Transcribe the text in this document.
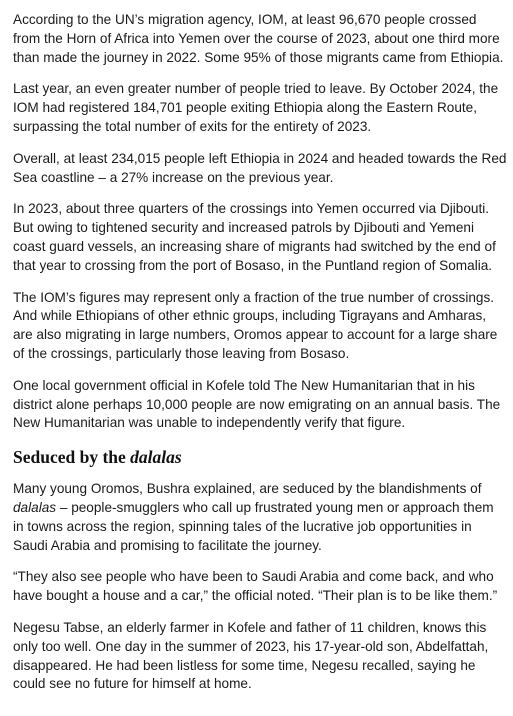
According to the UN’s migration agency, IOM, at least 96,670 people crossed from the Horn of Africa into Yemen over the course of 2023, about one third more than made the journey in 2022. Some 95% of those migrants came from Ethiopia.

Last year, an even greater number of people tried to leave. By October 2024, the IOM had registered 184,701 people exiting Ethiopia along the Eastern Route, surpassing the total number of exits for the entirety of 2023.

Overall, at least 234,015 people left Ethiopia in 2024 and headed towards the Red Sea coastline – a 27% increase on the previous year.

In 2023, about three quarters of the crossings into Yemen occurred via Djibouti. But owing to tightened security and increased patrols by Djibouti and Yemeni coast guard vessels, an increasing share of migrants had switched by the end of that year to crossing from the port of Bosaso, in the Puntland region of Somalia.

The IOM’s figures may represent only a fraction of the true number of crossings. And while Ethiopians of other ethnic groups, including Tigrayans and Amharas, are also migrating in large numbers, Oromos appear to account for a large share of the crossings, particularly those leaving from Bosaso.

One local government official in Kofele told The New Humanitarian that in his district alone perhaps 10,000 people are now emigrating on an annual basis. The New Humanitarian was unable to independently verify that figure.

Seduced by the dalalas

Many young Oromos, Bushra explained, are seduced by the blandishments of dalalas – people-smugglers who call up frustrated young men or approach them in towns across the region, spinning tales of the lucrative job opportunities in Saudi Arabia and promising to facilitate the journey.

“They also see people who have been to Saudi Arabia and come back, and who have bought a house and a car,” the official noted. “Their plan is to be like them.”

Negesu Tabse, an elderly farmer in Kofele and father of 11 children, knows this only too well. One day in the summer of 2023, his 17-year-old son, Abdelfattah, disappeared. He had been listless for some time, Negesu recalled, saying he could see no future for himself at home.
